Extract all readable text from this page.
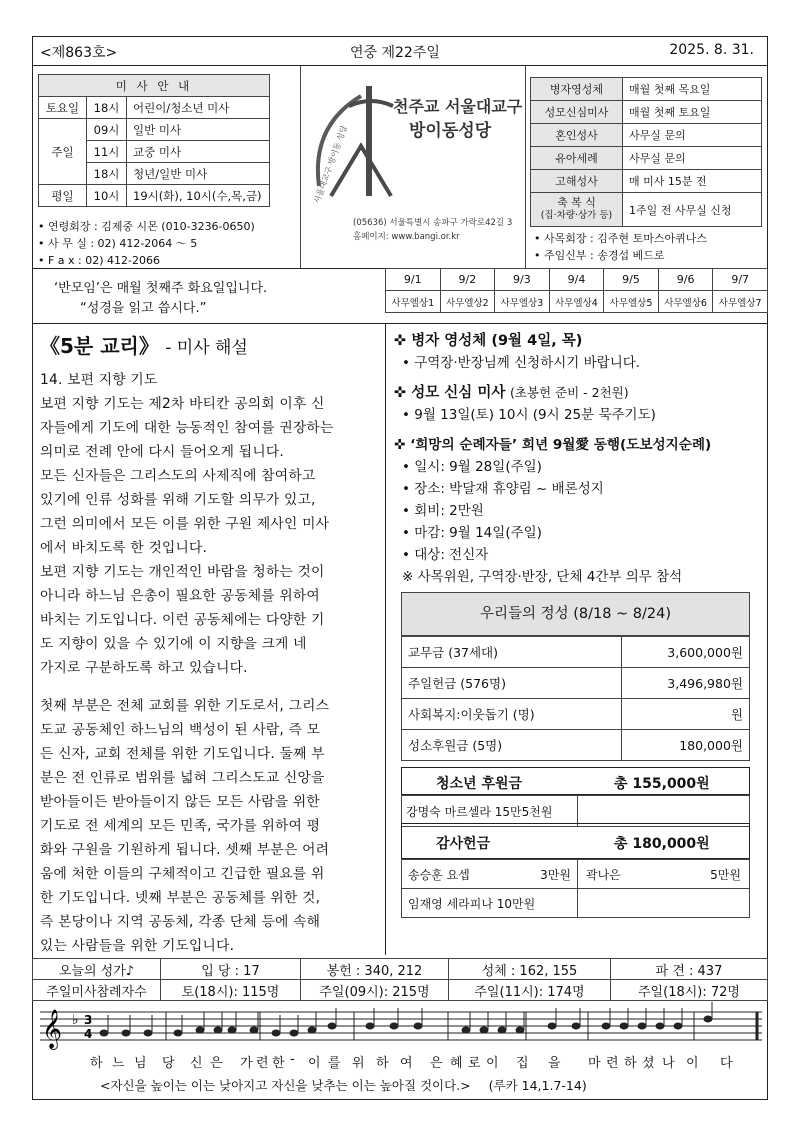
<제863호>	연중 제22주일	2025. 8. 31.
미 사 안 내		
토요일	18시	어린이/청소년 미사
주일	09시	일반 미사
	11시	교중 미사
	18시	청년/일반 미사
평일	10시	19시(화), 10시(수,목,금)
• 연령회장 : 김제중 시몬 (010-3236-0650)
• 사 무 실 : 02) 412-2064 ～ 5
• F a x : 02) 412-2066
서울대교구 방이동 성당
천주교 서울대교구
방이동성당
(05636) 서울특별시 송파구 가락로42길 3
홈페이지: www.bangi.or.kr
병자영성체	매월 첫째 목요일
성모신심미사	매월 첫째 토요일
혼인성사	사무실 문의
유아세례	사무실 문의
고해성사	매 미사 15분 전
축 복 식
(집·차량·상가 등)	1주일 전 사무실 신청
• 사목회장 : 김주현 토마스아퀴나스
• 주임신부 : 송경섭 베드로
‘반모임’은 매월 첫째주 화요일입니다.
“성경을 읽고 씁시다.”
9/1	9/2	9/3	9/4	9/5	9/6	9/7
사무엘상1	사무엘상2	사무엘상3	사무엘상4	사무엘상5	사무엘상6	사무엘상7
《5분 교리》 - 미사 해설
14. 보편 지향 기도
보편 지향 기도는 제2차 바티칸 공의회 이후 신
자들에게 기도에 대한 능동적인 참여를 권장하는
의미로 전례 안에 다시 들어오게 됩니다.
모든 신자들은 그리스도의 사제직에 참여하고
있기에 인류 성화를 위해 기도할 의무가 있고,
그런 의미에서 모든 이를 위한 구원 제사인 미사
에서 바치도록 한 것입니다.
보편 지향 기도는 개인적인 바람을 청하는 것이
아니라 하느님 은총이 필요한 공동체를 위하여
바치는 기도입니다. 이런 공동체에는 다양한 기
도 지향이 있을 수 있기에 이 지향을 크게 네
가지로 구분하도록 하고 있습니다.
첫째 부분은 전체 교회를 위한 기도로서, 그리스
도교 공동체인 하느님의 백성이 된 사람, 즉 모
든 신자, 교회 전체를 위한 기도입니다. 둘째 부
분은 전 인류로 범위를 넓혀 그리스도교 신앙을
받아들이든 받아들이지 않든 모든 사람을 위한
기도로 전 세계의 모든 민족, 국가를 위하여 평
화와 구원을 기원하게 됩니다. 셋째 부분은 어려
움에 처한 이들의 구체적이고 긴급한 필요를 위
한 기도입니다. 넷째 부분은 공동체를 위한 것,
즉 본당이나 지역 공동체, 각종 단체 등에 속해
있는 사람들을 위한 기도입니다.
✜ 병자 영성체 (9월 4일, 목)
• 구역장·반장님께 신청하시기 바랍니다.
✜ 성모 신심 미사 (초봉헌 준비 - 2천원)
• 9월 13일(토) 10시 (9시 25분 묵주기도)
✜ ‘희망의 순례자들’ 희년 9월愛 동행(도보성지순례)
• 일시: 9월 28일(주일)
• 장소: 박달재 휴양림 ~ 배론성지
• 회비: 2만원
• 마감: 9월 14일(주일)
• 대상: 전신자
※ 사목위원, 구역장·반장, 단체 4간부 의무 참석
우리들의 정성 (8/18 ~ 8/24)
교무금 (37세대)	3,600,000원
주일헌금 (576명)	3,496,980원
사회복지:이웃돕기 (명)	원
성소후원금 (5명)	180,000원
청소년 후원금	총 155,000원
강명숙 마르셀라 15만5천원	
감사헌금	총 180,000원
송승훈 요셉 3만원	곽나은 5만원

임재영 세라피나 10만원

오늘의 성가♪	입 당 : 17	봉헌 : 340, 212	성체 : 162, 155	파 견 : 437
주일미사참례자수	토(18시): 115명	주일(09시): 215명	주일(11시): 174명	주일(18시): 72명
𝄞 ♭ 3
4
하 느 님 당 신 은 가 련 한 - 이 를 위 하 여 은 혜 로 이 집 을 마 련 하 셨 나 이 다
<자신을 높이는 이는 낮아지고 자신을 낮추는 이는 높아질 것이다.> (루카 14,1.7-14)
